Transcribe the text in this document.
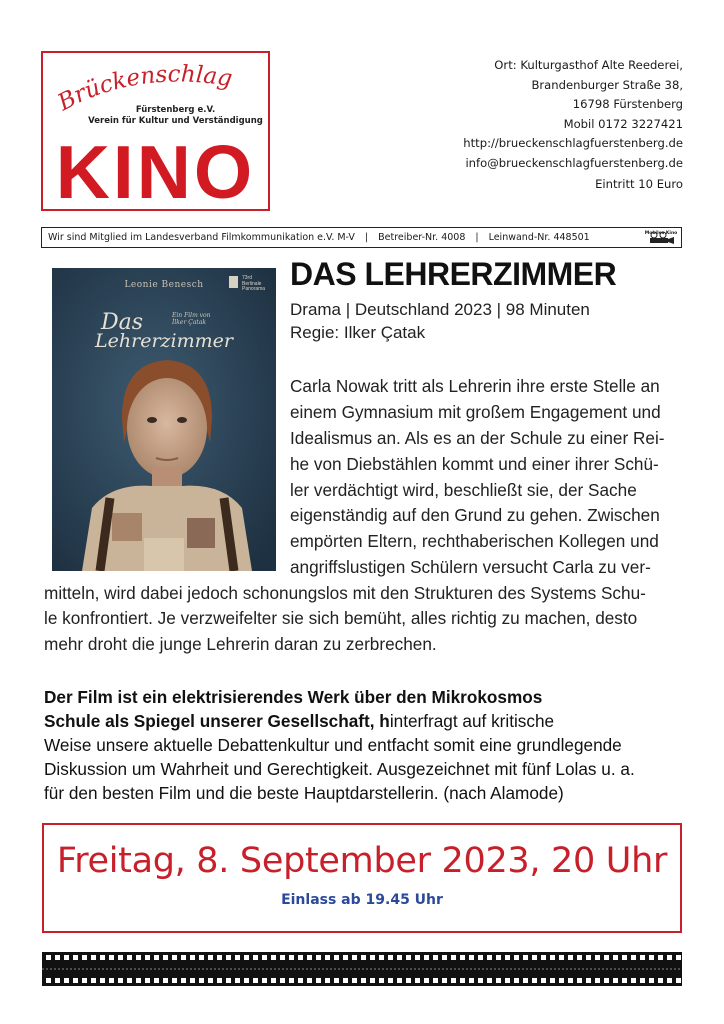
Brückenschlag
Fürstenberg e.V.
Verein für Kultur und Verständigung
KINO
Ort: Kulturgasthof Alte Reederei,
Brandenburger Straße 38,
16798 Fürstenberg
Mobil 0172 3227421
http://brueckenschlagfuerstenberg.de
info@brueckenschlagfuerstenberg.de
Eintritt 10 Euro
Wir sind Mitglied im Landesverband Filmkommunikation e.V. M-V | Betreiber-Nr. 4008 | Leinwand-Nr. 448501	Mobiles Kino
Leonie Benesch
73rd
Berlinale
Panorama
Das	Ein Film von
İlker Çatak
Lehrerzimmer
DAS LEHRERZIMMER
Drama | Deutschland 2023 | 98 Minuten
Regie: Ilker Çatak
Carla Nowak tritt als Lehrerin ihre erste Stelle an
einem Gymnasium mit großem Engagement und
Idealismus an. Als es an der Schule zu einer Rei-
he von Diebstählen kommt und einer ihrer Schü-
ler verdächtigt wird, beschließt sie, der Sache
eigenständig auf den Grund zu gehen. Zwischen
empörten Eltern, rechthaberischen Kollegen und
angriffslustigen Schülern versucht Carla zu ver-
mitteln, wird dabei jedoch schonungslos mit den Strukturen des Systems Schu-
le konfrontiert. Je verzweifelter sie sich bemüht, alles richtig zu machen, desto
mehr droht die junge Lehrerin daran zu zerbrechen.
Der Film ist ein elektrisierendes Werk über den Mikrokosmos
Schule als Spiegel unserer Gesellschaft, hinterfragt auf kritische
Weise unsere aktuelle Debattenkultur und entfacht somit eine grundlegende
Diskussion um Wahrheit und Gerechtigkeit. Ausgezeichnet mit fünf Lolas u. a.
für den besten Film und die beste Hauptdarstellerin. (nach Alamode)
Freitag, 8. September 2023, 20 Uhr
Einlass ab 19.45 Uhr
